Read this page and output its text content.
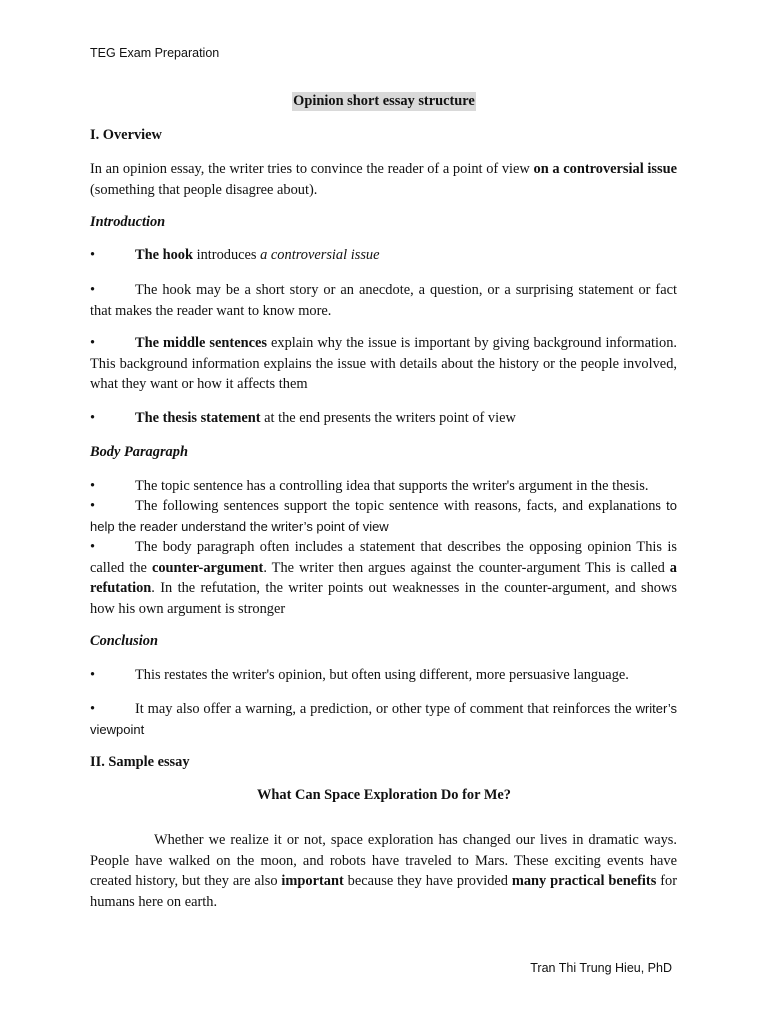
TEG Exam Preparation
Opinion short essay structure
I. Overview
In an opinion essay, the writer tries to convince the reader of a point of view on a controversial issue (something that people disagree about).
Introduction
•	The hook introduces a controversial issue
•	The hook may be a short story or an anecdote, a question, or a surprising statement or fact that makes the reader want to know more.
•	The middle sentences explain why the issue is important by giving background information. This background information explains the issue with details about the history or the people involved, what they want or how it affects them
•	The thesis statement at the end presents the writers point of view
Body Paragraph
•	The topic sentence has a controlling idea that supports the writer's argument in the thesis.
•	The following sentences support the topic sentence with reasons, facts, and explanations to help the reader understand the writer’s point of view
•	The body paragraph often includes a statement that describes the opposing opinion This is called the counter-argument. The writer then argues against the counter-argument This is called a refutation. In the refutation, the writer points out weaknesses in the counter-argument, and shows how his own argument is stronger
Conclusion
•	This restates the writer's opinion, but often using different, more persuasive language.
•	It may also offer a warning, a prediction, or other type of comment that reinforces the writer’s viewpoint
II. Sample essay
What Can Space Exploration Do for Me?
Whether we realize it or not, space exploration has changed our lives in dramatic ways. People have walked on the moon, and robots have traveled to Mars. These exciting events have created history, but they are also important because they have provided many practical benefits for humans here on earth.
Tran Thi Trung Hieu, PhD
